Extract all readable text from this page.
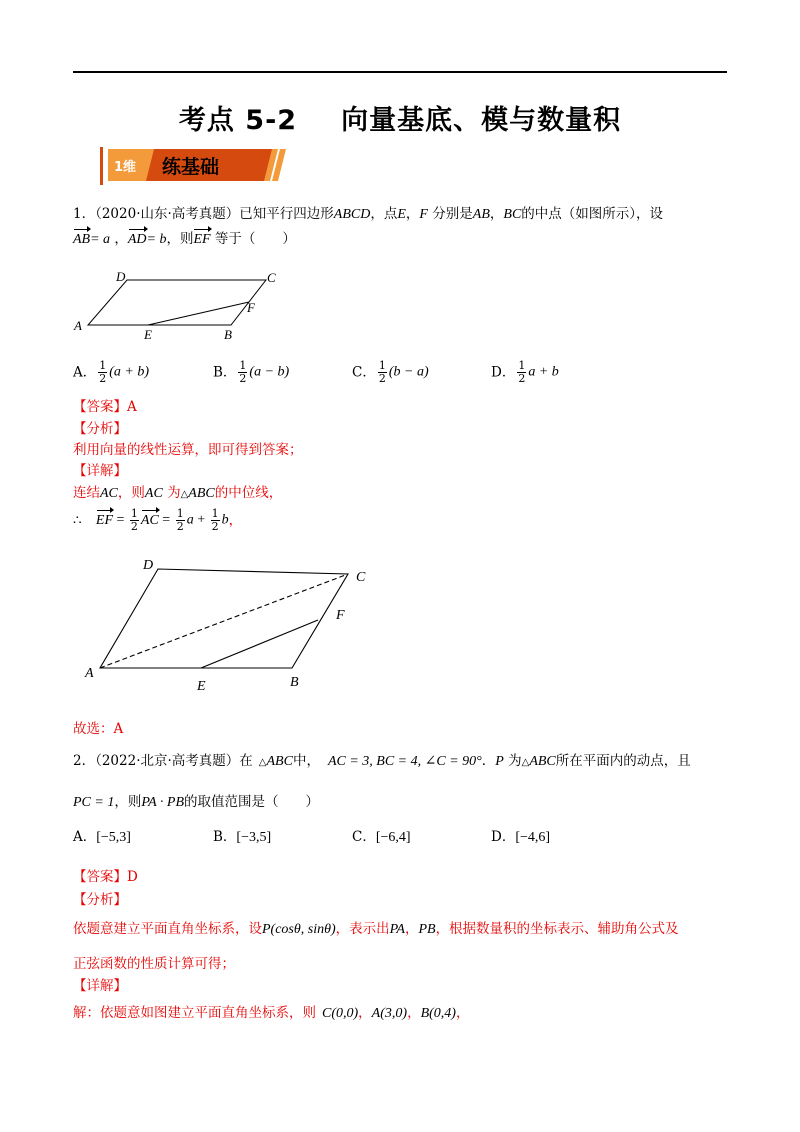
考点 5-2 向量基底、模与数量积
1维 练基础
1．（2020·山东·高考真题）已知平行四边形ABCD，点E，F 分别是AB，BC的中点（如图所示），设
AB= a ，AD= b，则EF 等于（　　）
A
B
C
D
E
F
A． $\frac{1}{2} (a + b)$	B． $\frac{1}{2} (a - b)$	C． $\frac{1}{2} (b - a)$	D． $\frac{1}{2}$ a + b
【答案】A
【分析】
利用向量的线性运算，即可得到答案；
【详解】
连结AC，则AC 为△ABC的中位线，
∴ EF = $\frac{1}{2}$ AC = $\frac{1}{2}$ $a + \frac{1}{2}$ b，
A
B
C
D
E
F
故选：A
2．（2022·北京·高考真题）在 △ABC中， AC = 3, BC = 4, ∠C = 90°．P 为△ABC所在平面内的动点，且
PC = 1，则PA · PB的取值范围是（　　）
A．[−5,3]	B．[−3,5]	C．[−6,4]	D．[−4,6]
【答案】D
【分析】
依题意建立平面直角坐标系，设P(cosθ, sinθ)，表示出PA，PB，根据数量积的坐标表示、辅助角公式及
正弦函数的性质计算可得；
【详解】
解：依题意如图建立平面直角坐标系，则 C(0,0)，A(3,0)，B(0,4)，
